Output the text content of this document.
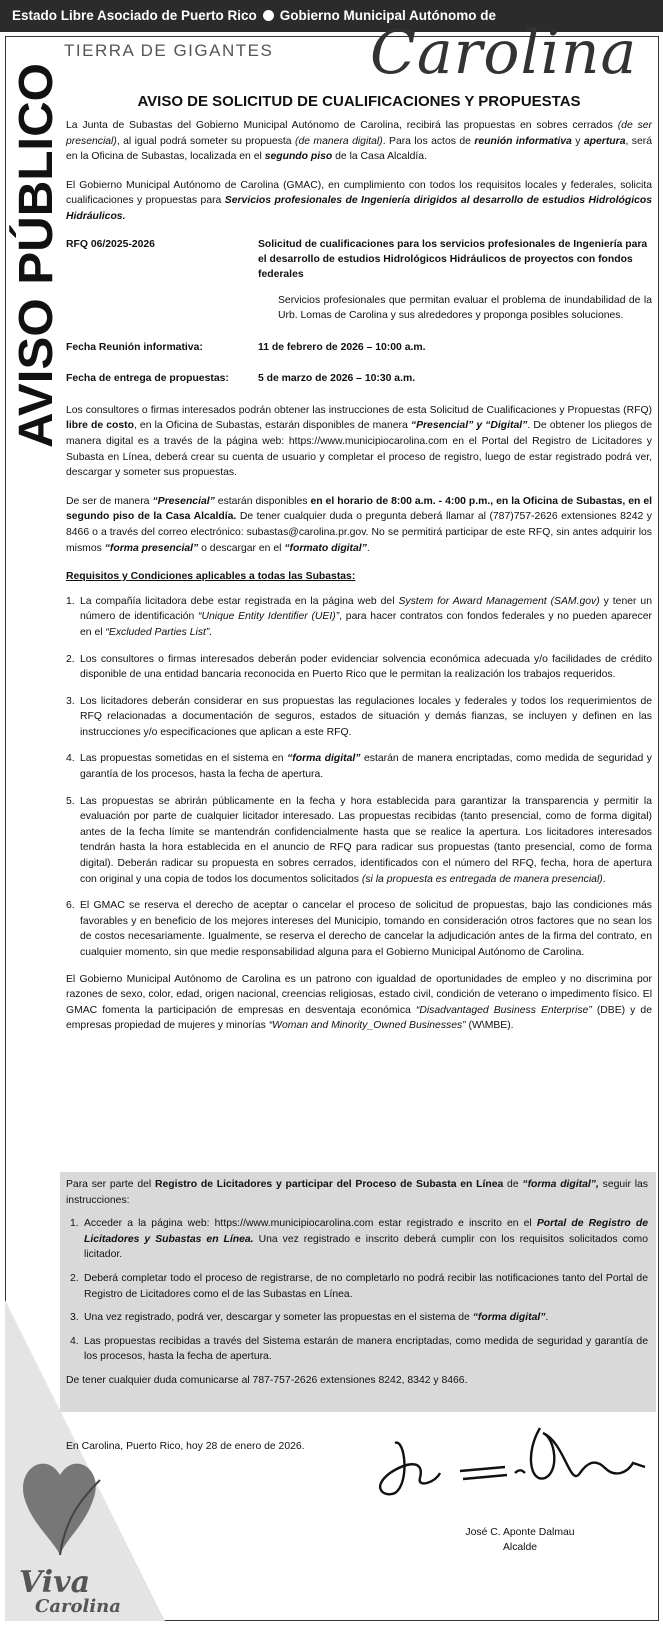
Estado Libre Asociado de Puerto Rico Gobierno Municipal Autónomo de
AVISO PÚBLICO
TIERRA DE GIGANTES Carolina
AVISO DE SOLICITUD DE CUALIFICACIONES Y PROPUESTAS

La Junta de Subastas del Gobierno Municipal Autónomo de Carolina, recibirá las propuestas en sobres cerrados (de ser presencial), al igual podrá someter su propuesta (de manera digital). Para los actos de reunión informativa y apertura, será en la Oficina de Subastas, localizada en el segundo piso de la Casa Alcaldía.

El Gobierno Municipal Autónomo de Carolina (GMAC), en cumplimiento con todos los requisitos locales y federales, solicita cualificaciones y propuestas para Servicios profesionales de Ingeniería dirigidos al desarrollo de estudios Hidrológicos Hidráulicos.

RFQ 06/2025-2026	Solicitud de cualificaciones para los servicios profesionales de Ingeniería para el desarrollo de estudios Hidrológicos Hidráulicos de proyectos con fondos federales

Servicios profesionales que permitan evaluar el problema de inundabilidad de la Urb. Lomas de Carolina y sus alrededores y proponga posibles soluciones.

Fecha Reunión informativa:	11 de febrero de 2026 – 10:00 a.m.
Fecha de entrega de propuestas:	5 de marzo de 2026 – 10:30 a.m.

Los consultores o firmas interesados podrán obtener las instrucciones de esta Solicitud de Cualificaciones y Propuestas (RFQ) libre de costo, en la Oficina de Subastas, estarán disponibles de manera “Presencial” y “Digital”. De obtener los pliegos de manera digital es a través de la página web: https://www.municipiocarolina.com en el Portal del Registro de Licitadores y Subasta en Línea, deberá crear su cuenta de usuario y completar el proceso de registro, luego de estar registrado podrá ver, descargar y someter sus propuestas.

De ser de manera “Presencial” estarán disponibles en el horario de 8:00 a.m. - 4:00 p.m., en la Oficina de Subastas, en el segundo piso de la Casa Alcaldía. De tener cualquier duda o pregunta deberá llamar al (787)757-2626 extensiones 8242 y 8466 o a través del correo electrónico: subastas@carolina.pr.gov. No se permitirá participar de este RFQ, sin antes adquirir los mismos “forma presencial” o descargar en el “formato digital”.

Requisitos y Condiciones aplicables a todas las Subastas:
1. La compañía licitadora debe estar registrada en la página web del System for Award Management (SAM.gov) y tener un número de identificación “Unique Entity Identifier (UEI)”, para hacer contratos con fondos federales y no pueden aparecer en el “Excluded Parties List”.
2. Los consultores o firmas interesados deberán poder evidenciar solvencia económica adecuada y/o facilidades de crédito disponible de una entidad bancaria reconocida en Puerto Rico que le permitan la realización los trabajos requeridos.
3. Los licitadores deberán considerar en sus propuestas las regulaciones locales y federales y todos los requerimientos de RFQ relacionadas a documentación de seguros, estados de situación y demás fianzas, se incluyen y definen en las instrucciones y/o especificaciones que aplican a este RFQ.
4. Las propuestas sometidas en el sistema en “forma digital” estarán de manera encriptadas, como medida de seguridad y garantía de los procesos, hasta la fecha de apertura.
5. Las propuestas se abrirán públicamente en la fecha y hora establecida para garantizar la transparencia y permitir la evaluación por parte de cualquier licitador interesado. Las propuestas recibidas (tanto presencial, como de forma digital) antes de la fecha límite se mantendrán confidencialmente hasta que se realice la apertura. Los licitadores interesados tendrán hasta la hora establecida en el anuncio de RFQ para radicar sus propuestas (tanto presencial, como de forma digital). Deberán radicar su propuesta en sobres cerrados, identificados con el número del RFQ, fecha, hora de apertura con original y una copia de todos los documentos solicitados (si la propuesta es entregada de manera presencial).
6. El GMAC se reserva el derecho de aceptar o cancelar el proceso de solicitud de propuestas, bajo las condiciones más favorables y en beneficio de los mejores intereses del Municipio, tomando en consideración otros factores que no sean los de costos necesariamente. Igualmente, se reserva el derecho de cancelar la adjudicación antes de la firma del contrato, en cualquier momento, sin que medie responsabilidad alguna para el Gobierno Municipal Autónomo de Carolina.

El Gobierno Municipal Autónomo de Carolina es un patrono con igualdad de oportunidades de empleo y no discrimina por razones de sexo, color, edad, origen nacional, creencias religiosas, estado civil, condición de veterano o impedimento físico. El GMAC fomenta la participación de empresas en desventaja económica “Disadvantaged Business Enterprise” (DBE) y de empresas propiedad de mujeres y minorías “Woman and Minority_Owned Businesses” (W\MBE).

Para ser parte del Registro de Licitadores y participar del Proceso de Subasta en Línea de “forma digital”, seguir las instrucciones:

1. Acceder a la página web: https://www.municipiocarolina.com estar registrado e inscrito en el Portal de Registro de Licitadores y Subastas en Línea. Una vez registrado e inscrito deberá cumplir con los requisitos solicitados como licitador.
2. Deberá completar todo el proceso de registrarse, de no completarlo no podrá recibir las notificaciones tanto del Portal de Registro de Licitadores como el de las Subastas en Línea.
3. Una vez registrado, podrá ver, descargar y someter las propuestas en el sistema de “forma digital”.
4. Las propuestas recibidas a través del Sistema estarán de manera encriptadas, como medida de seguridad y garantía de los procesos, hasta la fecha de apertura.

De tener cualquier duda comunicarse al 787-757-2626 extensiones 8242, 8342 y 8466.

Viva
Carolina
En Carolina, Puerto Rico, hoy 28 de enero de 2026.
José C. Aponte Dalmau
Alcalde
